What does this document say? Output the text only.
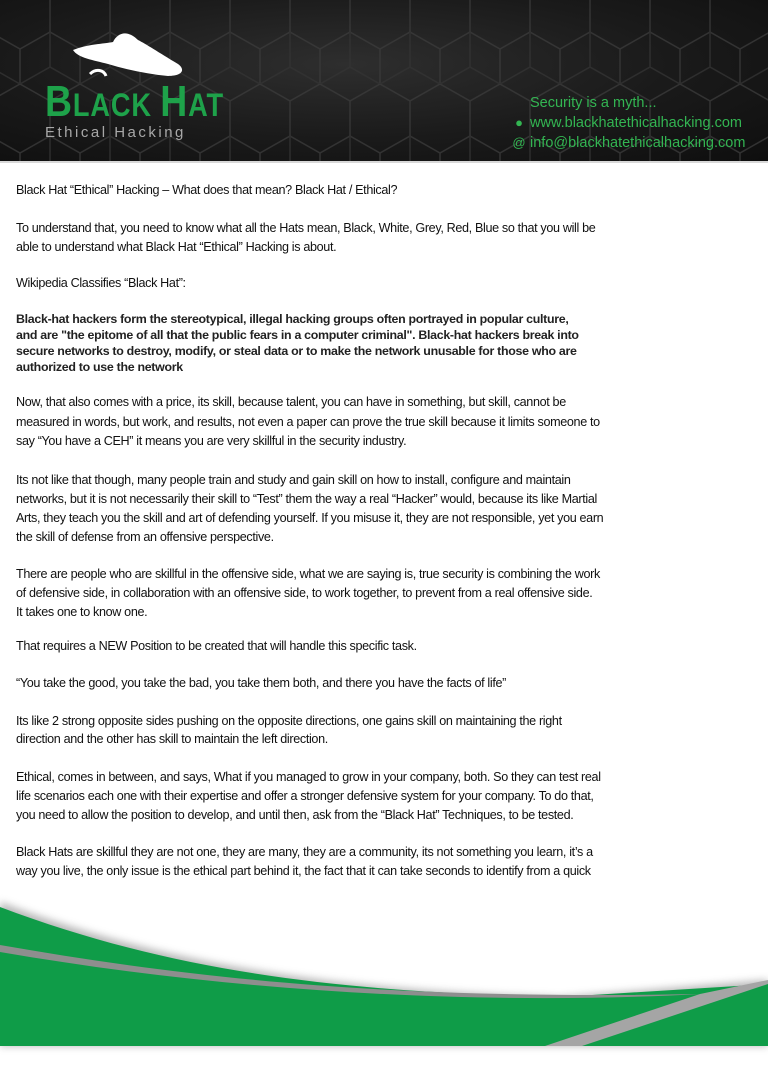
BLACK HAT
Ethical Hacking
Security is a myth...
● www.blackhatethicalhacking.com
@ info@blackhatethicalhacking.com
Black Hat “Ethical” Hacking – What does that mean? Black Hat / Ethical?
To understand that, you need to know what all the Hats mean, Black, White, Grey, Red, Blue so that you will be
able to understand what Black Hat “Ethical” Hacking is about.
Wikipedia Classifies “Black Hat”:
Black-hat hackers form the stereotypical, illegal hacking groups often portrayed in popular culture,
and are "the epitome of all that the public fears in a computer criminal". Black-hat hackers break into
secure networks to destroy, modify, or steal data or to make the network unusable for those who are
authorized to use the network
Now, that also comes with a price, its skill, because talent, you can have in something, but skill, cannot be
measured in words, but work, and results, not even a paper can prove the true skill because it limits someone to
say “You have a CEH” it means you are very skillful in the security industry.
Its not like that though, many people train and study and gain skill on how to install, configure and maintain
networks, but it is not necessarily their skill to “Test” them the way a real “Hacker” would, because its like Martial
Arts, they teach you the skill and art of defending yourself. If you misuse it, they are not responsible, yet you earn
the skill of defense from an offensive perspective.
There are people who are skillful in the offensive side, what we are saying is, true security is combining the work
of defensive side, in collaboration with an offensive side, to work together, to prevent from a real offensive side.
It takes one to know one.
That requires a NEW Position to be created that will handle this specific task.
“You take the good, you take the bad, you take them both, and there you have the facts of life”
Its like 2 strong opposite sides pushing on the opposite directions, one gains skill on maintaining the right
direction and the other has skill to maintain the left direction.
Ethical, comes in between, and says, What if you managed to grow in your company, both. So they can test real
life scenarios each one with their expertise and offer a stronger defensive system for your company. To do that,
you need to allow the position to develop, and until then, ask from the “Black Hat” Techniques, to be tested.
Black Hats are skillful they are not one, they are many, they are a community, its not something you learn, it’s a
way you live, the only issue is the ethical part behind it, the fact that it can take seconds to identify from a quick
